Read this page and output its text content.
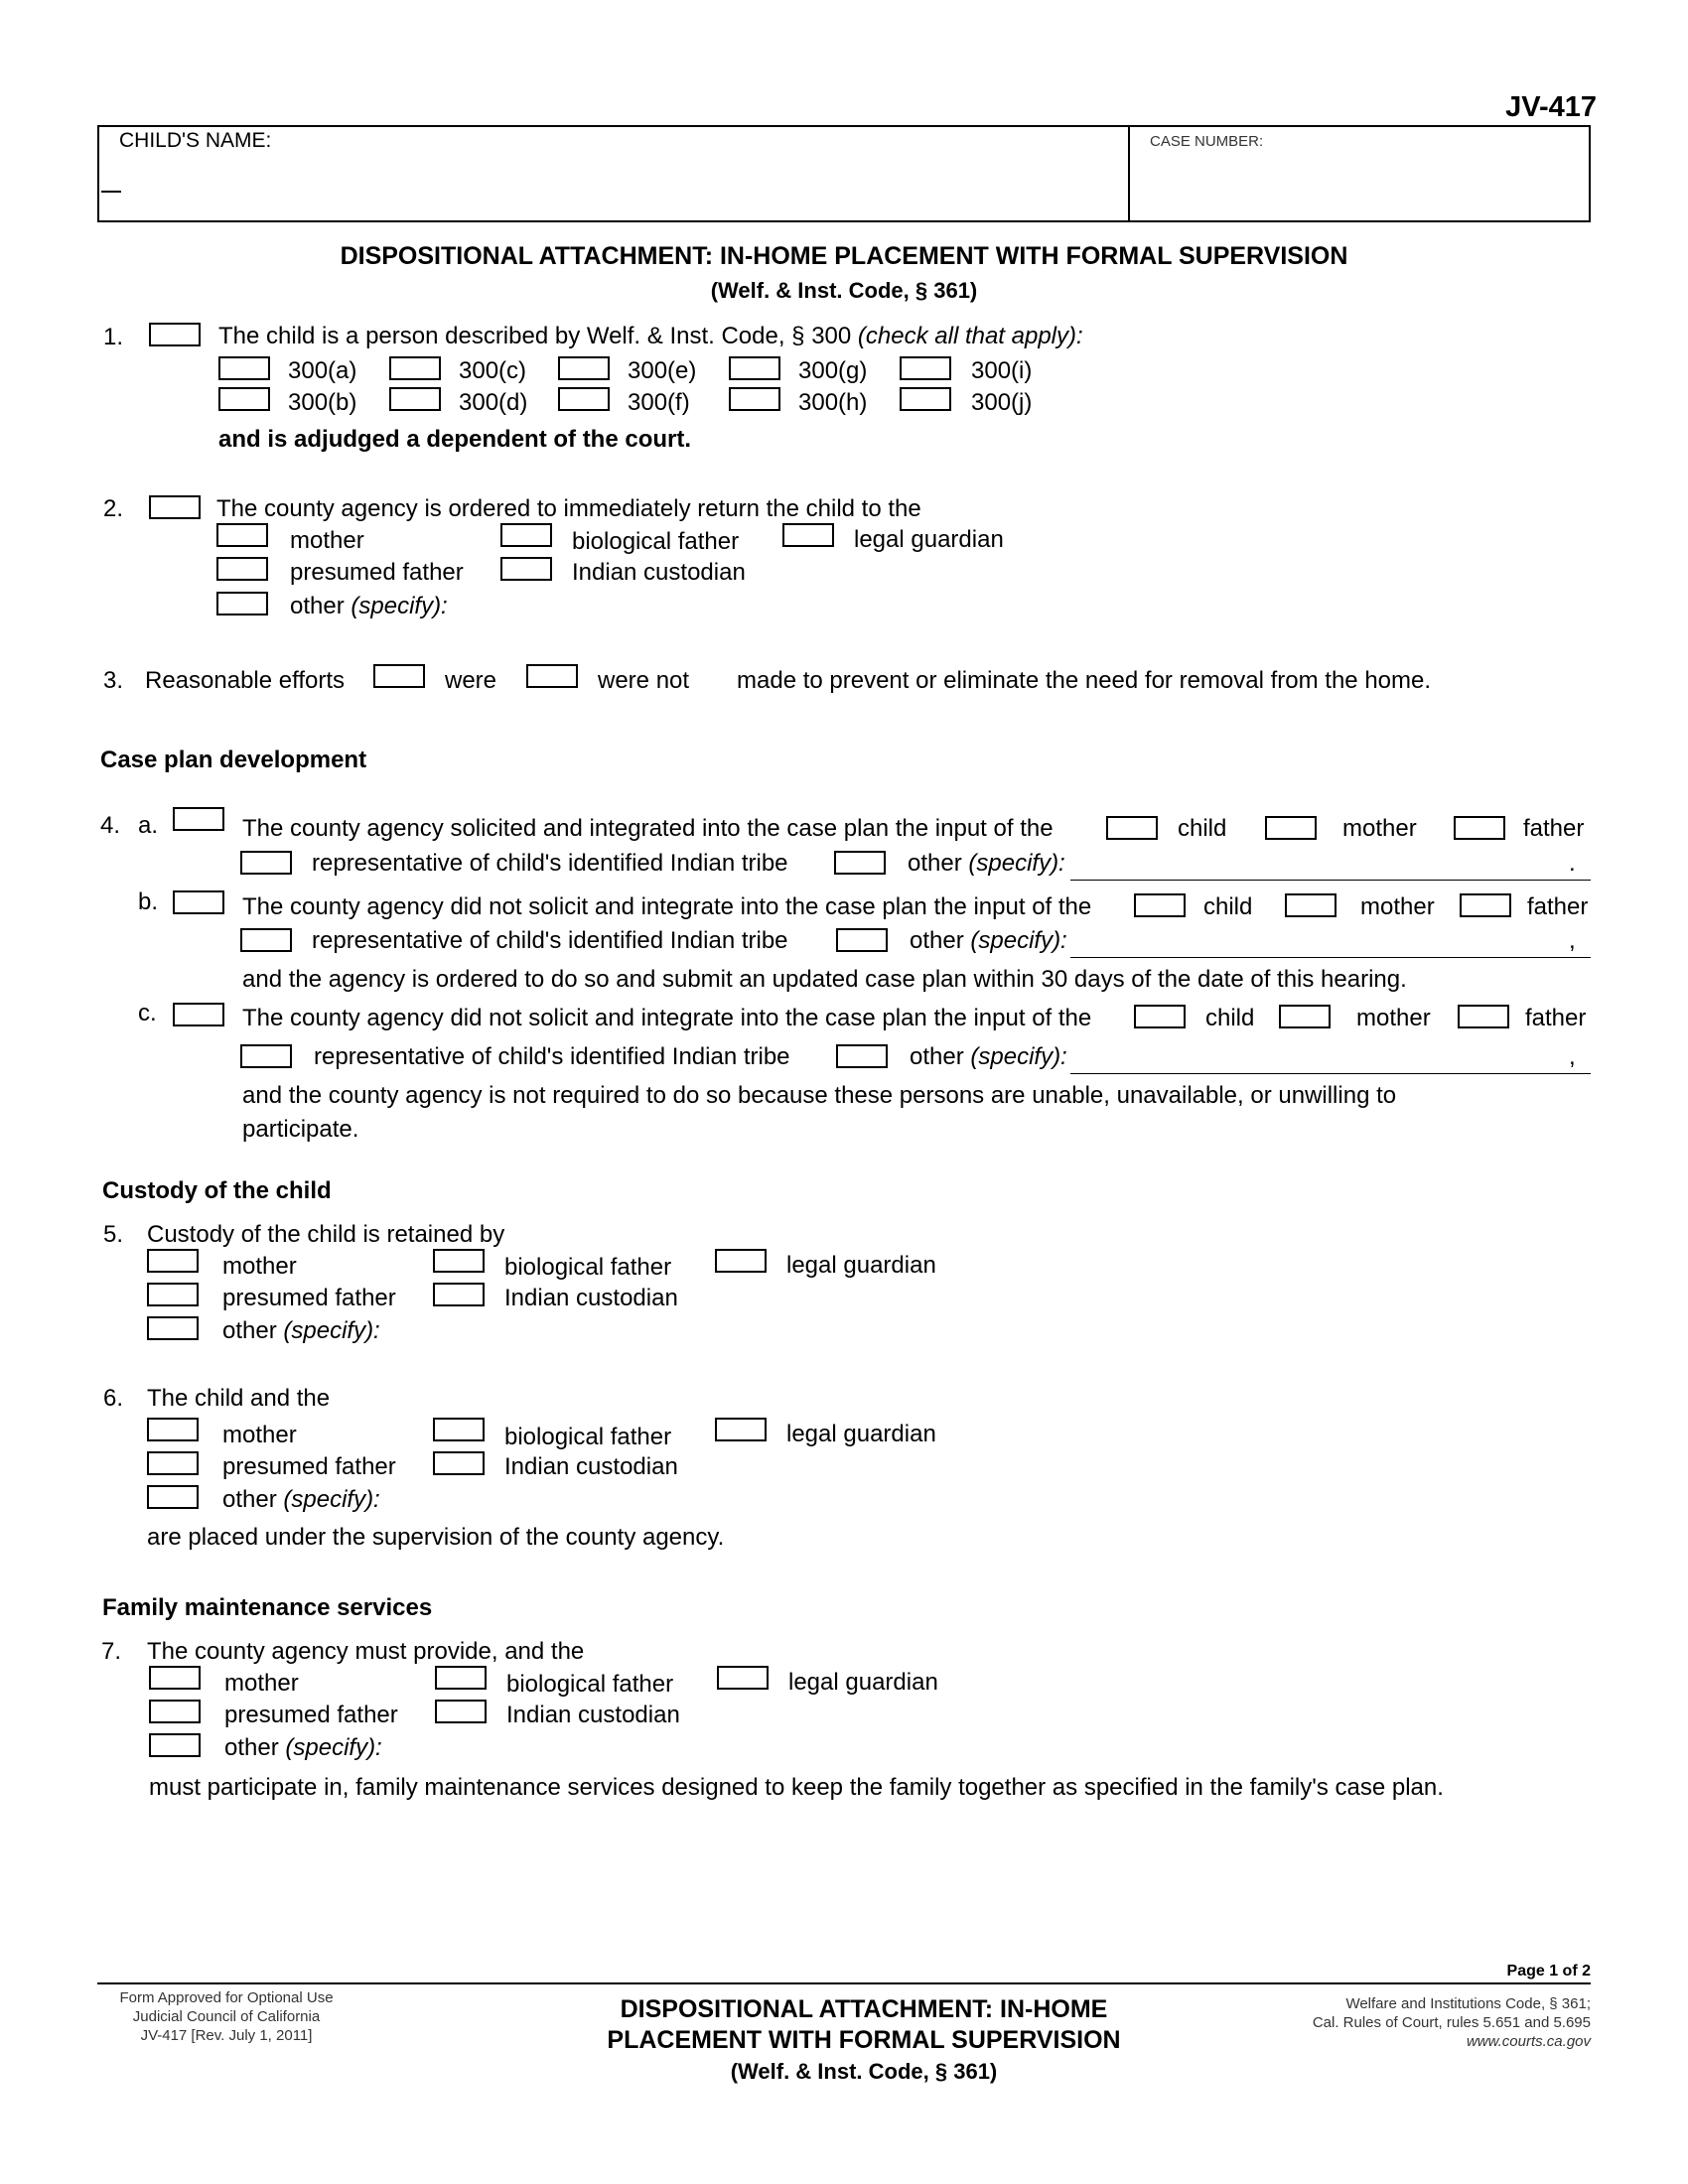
JV-417
CHILD'S NAME:	CASE NUMBER:
DISPOSITIONAL ATTACHMENT: IN-HOME PLACEMENT WITH FORMAL SUPERVISION
(Welf. & Inst. Code, § 361)
1.	The child is a person described by Welf. & Inst. Code, § 300 (check all that apply):
300(a)	300(c)	300(e)	300(g)	300(i)
300(b)	300(d)	300(f)	300(h)	300(j)
and is adjudged a dependent of the court.
2.	The county agency is ordered to immediately return the child to the
mother	biological father	legal guardian
presumed father	Indian custodian
other (specify):
3. Reasonable efforts	were	were not made to prevent or eliminate the need for removal from the home.
Case plan development
4. a.	The county agency solicited and integrated into the case plan the input of the	child	mother	father
representative of child's identified Indian tribe	other (specify):	.
b.	The county agency did not solicit and integrate into the case plan the input of the	child	mother	father
representative of child's identified Indian tribe	other (specify):	,
and the agency is ordered to do so and submit an updated case plan within 30 days of the date of this hearing.
c.	The county agency did not solicit and integrate into the case plan the input of the	child	mother	father
representative of child's identified Indian tribe	other (specify):	,
and the county agency is not required to do so because these persons are unable, unavailable, or unwilling to
participate.
Custody of the child
5. Custody of the child is retained by
mother	biological father	legal guardian
presumed father	Indian custodian
other (specify):
6. The child and the
mother	biological father	legal guardian
presumed father	Indian custodian
other (specify):
are placed under the supervision of the county agency.
Family maintenance services
7. The county agency must provide, and the
mother	biological father	legal guardian
presumed father	Indian custodian
other (specify):
must participate in, family maintenance services designed to keep the family together as specified in the family's case plan.
Page 1 of 2
Form Approved for Optional Use
Judicial Council of California
JV-417 [Rev. July 1, 2011]
DISPOSITIONAL ATTACHMENT: IN-HOME
PLACEMENT WITH FORMAL SUPERVISION
(Welf. & Inst. Code, § 361)
Welfare and Institutions Code, § 361;
Cal. Rules of Court, rules 5.651 and 5.695
www.courts.ca.gov
